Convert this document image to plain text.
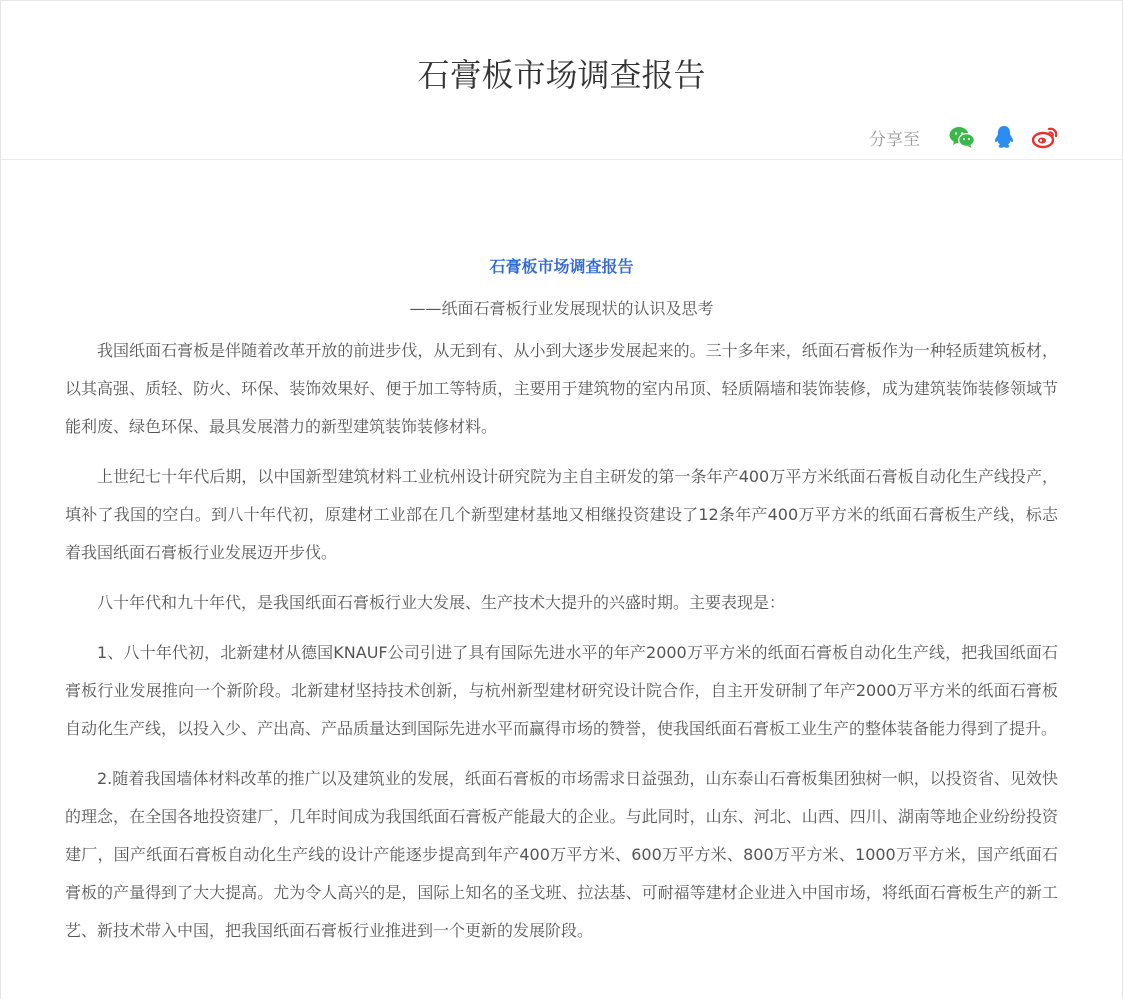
石膏板市场调查报告
分享至

石膏板市场调查报告

——纸面石膏板行业发展现状的认识及思考

我国纸面石膏板是伴随着改革开放的前进步伐，从无到有、从小到大逐步发展起来的。三十多年来，纸面石膏板作为一种轻质建筑板材，以其高强、质轻、防火、环保、装饰效果好、便于加工等特质，主要用于建筑物的室内吊顶、轻质隔墙和装饰装修，成为建筑装饰装修领域节能利废、绿色环保、最具发展潜力的新型建筑装饰装修材料。

上世纪七十年代后期，以中国新型建筑材料工业杭州设计研究院为主自主研发的第一条年产400万平方米纸面石膏板自动化生产线投产，填补了我国的空白。到八十年代初，原建材工业部在几个新型建材基地又相继投资建设了12条年产400万平方米的纸面石膏板生产线，标志着我国纸面石膏板行业发展迈开步伐。

八十年代和九十年代，是我国纸面石膏板行业大发展、生产技术大提升的兴盛时期。主要表现是：

1、八十年代初，北新建材从德国KNAUF公司引进了具有国际先进水平的年产2000万平方米的纸面石膏板自动化生产线，把我国纸面石膏板行业发展推向一个新阶段。北新建材坚持技术创新，与杭州新型建材研究设计院合作，自主开发研制了年产2000万平方米的纸面石膏板自动化生产线，以投入少、产出高、产品质量达到国际先进水平而赢得市场的赞誉，使我国纸面石膏板工业生产的整体装备能力得到了提升。

2.随着我国墙体材料改革的推广以及建筑业的发展，纸面石膏板的市场需求日益强劲，山东泰山石膏板集团独树一帜，以投资省、见效快的理念，在全国各地投资建厂，几年时间成为我国纸面石膏板产能最大的企业。与此同时，山东、河北、山西、四川、湖南等地企业纷纷投资建厂，国产纸面石膏板自动化生产线的设计产能逐步提高到年产400万平方米、600万平方米、800万平方米、1000万平方米，国产纸面石膏板的产量得到了大大提高。尤为令人高兴的是，国际上知名的圣戈班、拉法基、可耐福等建材企业进入中国市场，将纸面石膏板生产的新工艺、新技术带入中国，把我国纸面石膏板行业推进到一个更新的发展阶段。
